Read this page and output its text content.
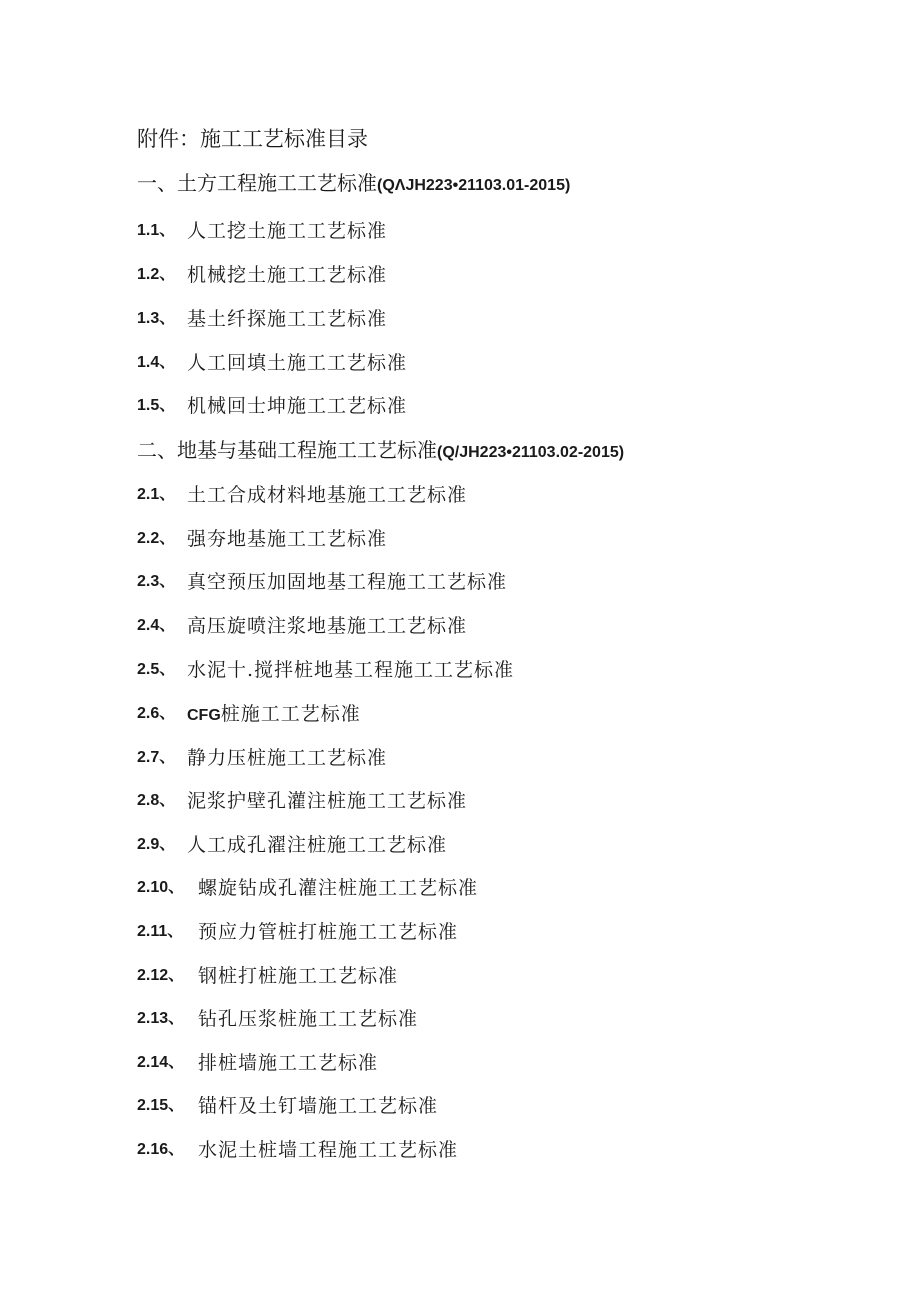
附件：施工工艺标准目录
一、土方工程施工工艺标准(QΛJH223•21103.01-2015)
1.1、 人工挖土施工工艺标准
1.2、 机械挖土施工工艺标准
1.3、 基土纤探施工工艺标准
1.4、 人工回填土施工工艺标准
1.5、 机械回士坤施工工艺标准
二、地基与基础工程施工工艺标准(Q/JH223•21103.02-2015)
2.1、 土工合成材料地基施工工艺标准
2.2、 强夯地基施工工艺标准
2.3、 真空预压加固地基工程施工工艺标准
2.4、 高压旋喷注浆地基施工工艺标准
2.5、 水泥十.搅拌桩地基工程施工工艺标准
2.6、 CFG桩施工工艺标准
2.7、 静力压桩施工工艺标准
2.8、 泥浆护壁孔灌注桩施工工艺标准
2.9、 人工成孔濯注桩施工工艺标准
2.10、 螺旋钻成孔灌注桩施工工艺标准
2.11、 预应力管桩打桩施工工艺标准
2.12、 钢桩打桩施工工艺标准
2.13、 钻孔压浆桩施工工艺标准
2.14、 排桩墙施工工艺标准
2.15、 锚杆及土钉墙施工工艺标准
2.16、 水泥土桩墙工程施工工艺标准
